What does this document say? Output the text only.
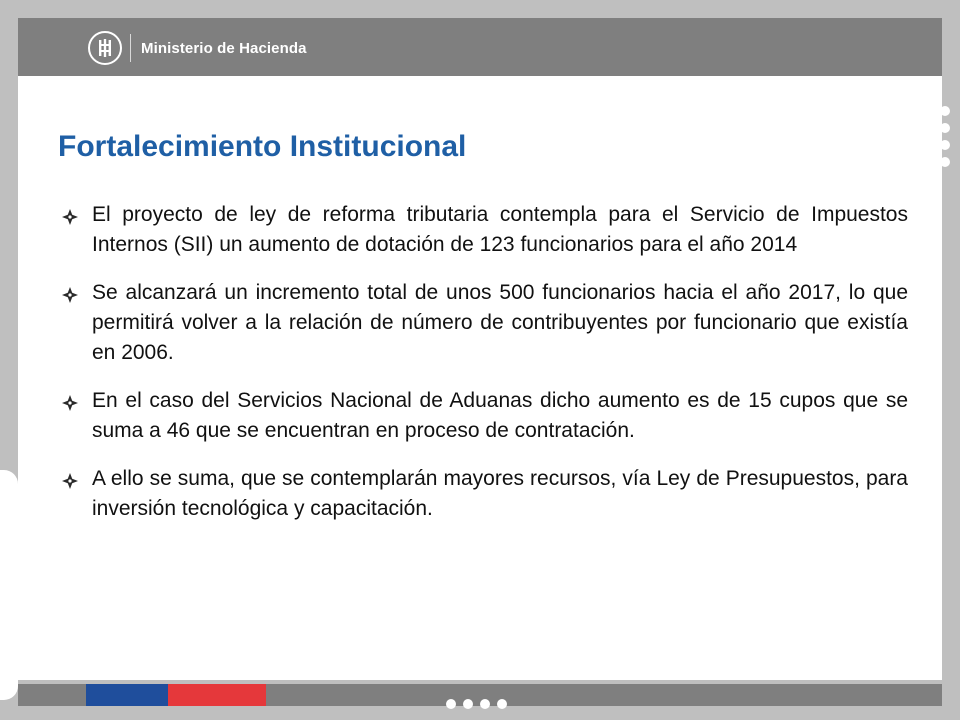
Ministerio de Hacienda
Fortalecimiento Institucional
El proyecto de ley de reforma tributaria contempla para el Servicio de Impuestos Internos (SII) un aumento de dotación de 123 funcionarios para el año 2014
Se alcanzará un incremento total de unos 500 funcionarios hacia el año 2017, lo que permitirá volver a la relación de número de contribuyentes por funcionario que existía en 2006.
En el caso del Servicios Nacional de Aduanas dicho aumento es de 15 cupos que se suma a 46 que se encuentran en proceso de contratación.
A ello se suma, que se contemplarán mayores recursos, vía Ley de Presupuestos, para inversión tecnológica y capacitación.
